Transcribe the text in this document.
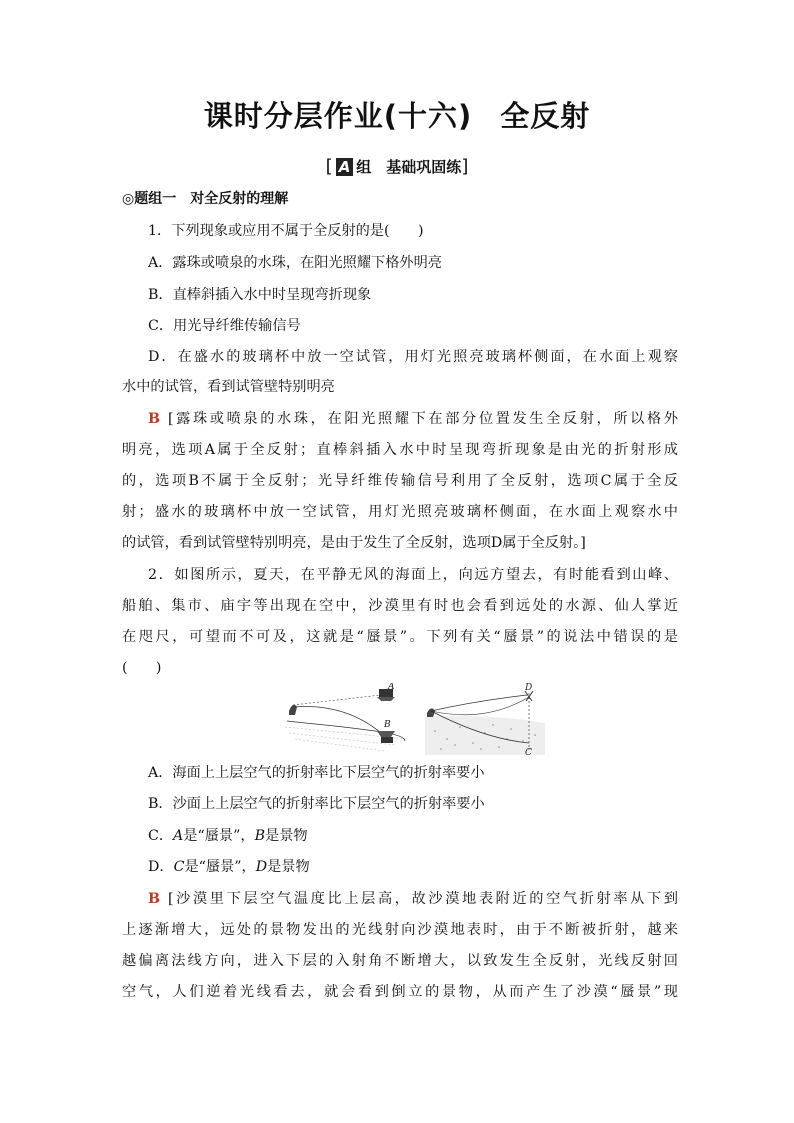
课时分层作业(十六) 全反射
[ A 组　基础巩固练]
◎题组一　对全反射的理解
1．下列现象或应用不属于全反射的是(　　)
A．露珠或喷泉的水珠，在阳光照耀下格外明亮
B．直棒斜插入水中时呈现弯折现象
C．用光导纤维传输信号
D．在盛水的玻璃杯中放一空试管，用灯光照亮玻璃杯侧面，在水面上观察
水中的试管，看到试管壁特别明亮
B [露珠或喷泉的水珠，在阳光照耀下在部分位置发生全反射，所以格外
明亮，选项A属于全反射；直棒斜插入水中时呈现弯折现象是由光的折射形成
的，选项B不属于全反射；光导纤维传输信号利用了全反射，选项C属于全反
射；盛水的玻璃杯中放一空试管，用灯光照亮玻璃杯侧面，在水面上观察水中
的试管，看到试管壁特别明亮，是由于发生了全反射，选项D属于全反射。]
2．如图所示，夏天，在平静无风的海面上，向远方望去，有时能看到山峰、
船舶、集市、庙宇等出现在空中，沙漠里有时也会看到远处的水源、仙人掌近
在咫尺，可望而不可及，这就是“蜃景”。下列有关“蜃景”的说法中错误的是
(　　)
A
B
D
C
A．海面上上层空气的折射率比下层空气的折射率要小
B．沙面上上层空气的折射率比下层空气的折射率要小
C．A是“蜃景”，B是景物
D．C是“蜃景”，D是景物
B [沙漠里下层空气温度比上层高，故沙漠地表附近的空气折射率从下到
上逐渐增大，远处的景物发出的光线射向沙漠地表时，由于不断被折射，越来
越偏离法线方向，进入下层的入射角不断增大，以致发生全反射，光线反射回
空气，人们逆着光线看去，就会看到倒立的景物，从而产生了沙漠“蜃景”现
